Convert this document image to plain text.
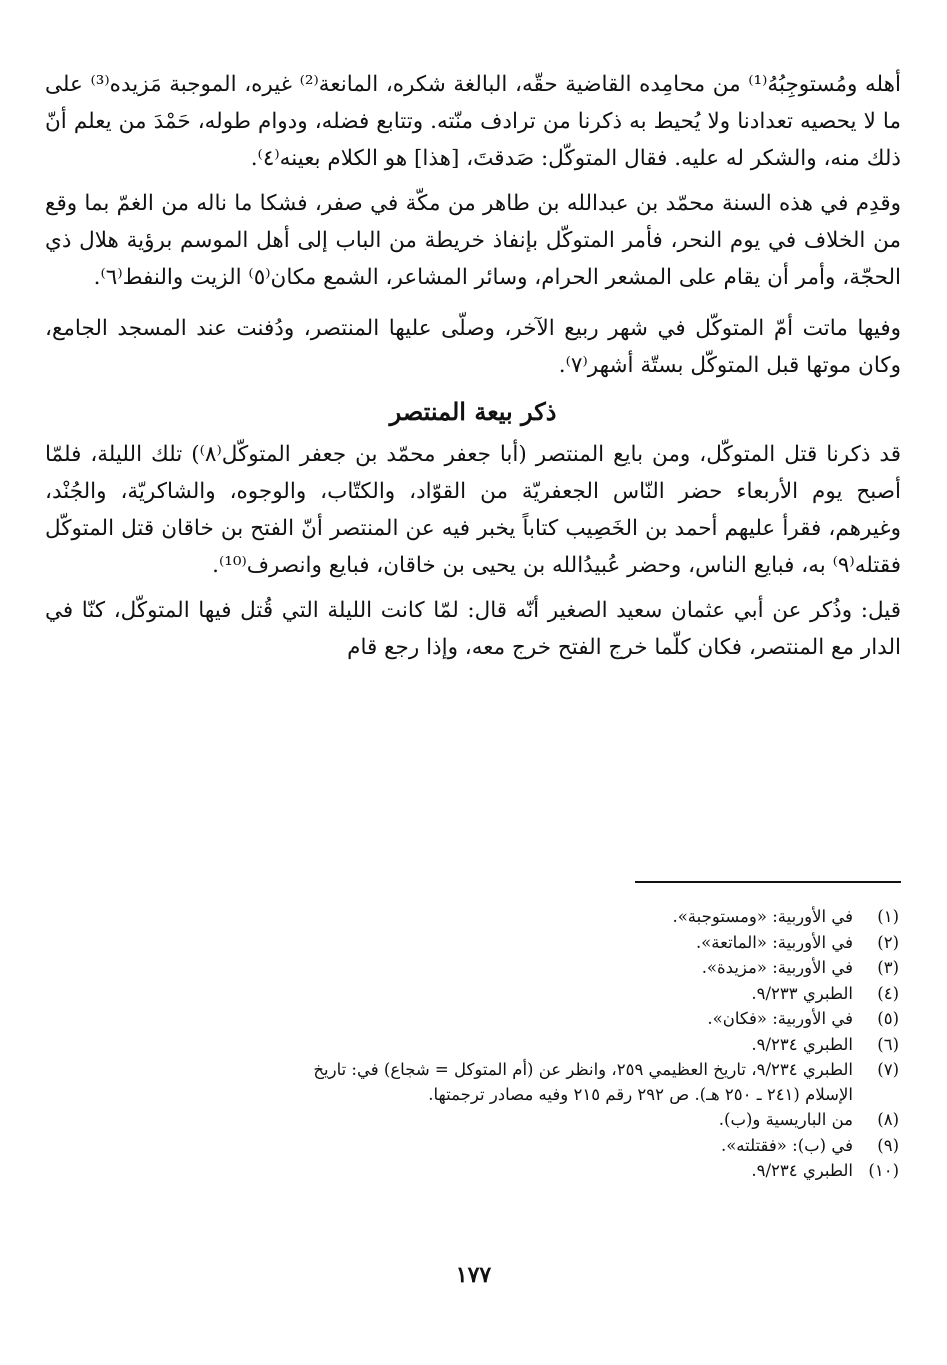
أهله ومُستوجِبُهُ⁽¹⁾ من محامِده القاضية حقّه، البالغة شكره، المانعة⁽²⁾ غيره، الموجبة مَزيده⁽³⁾ على ما لا يحصيه تعدادنا ولا يُحيط به ذكرنا من ترادف منّته. وتتابع فضله، ودوام طوله، حَمْدَ من يعلم أنّ ذلك منه، والشكر له عليه. فقال المتوكّل: صَدقتَ، [هذا] هو الكلام بعينه⁽٤⁾.

وقدِم في هذه السنة محمّد بن عبدالله بن طاهر من مكّة في صفر، فشكا ما ناله من الغمّ بما وقع من الخلاف في يوم النحر، فأمر المتوكّل بإنفاذ خريطة من الباب إلى أهل الموسم برؤية هلال ذي الحجّة، وأمر أن يقام على المشعر الحرام، وسائر المشاعر، الشمع مكان⁽٥⁾ الزيت والنفط⁽٦⁾.

وفيها ماتت أمّ المتوكّل في شهر ربيع الآخر، وصلّى عليها المنتصر، ودُفنت عند المسجد الجامع، وكان موتها قبل المتوكّل بستّة أشهر⁽٧⁾.

ذكر بيعة المنتصر

قد ذكرنا قتل المتوكّل، ومن بايع المنتصر (أبا جعفر محمّد بن جعفر المتوكّل⁽٨⁾) تلك الليلة، فلمّا أصبح يوم الأربعاء حضر النّاس الجعفريّة من القوّاد، والكتّاب، والوجوه، والشاكريّة، والجُنْد، وغيرهم، فقرأ عليهم أحمد بن الخَصِيب كتاباً يخبر فيه عن المنتصر أنّ الفتح بن خاقان قتل المتوكّل فقتله⁽٩⁾ به، فبايع الناس، وحضر عُبيدُالله بن يحيى بن خاقان، فبايع وانصرف⁽¹⁰⁾.

قيل: وذُكر عن أبي عثمان سعيد الصغير أنّه قال: لمّا كانت الليلة التي قُتل فيها المتوكّل، كنّا في الدار مع المنتصر، فكان كلّما خرج الفتح خرج معه، وإذا رجع قام

(١)
في الأوربية: «ومستوجبة».
(٢)
في الأوربية: «الماتعة».
(٣)
في الأوربية: «مزيدة».
(٤)
الطبري ٩/٢٣٣.
(٥)
في الأوربية: «فكان».
(٦)
الطبري ٩/٢٣٤.
(٧)
الطبري ٩/٢٣٤، تاريخ العظيمي ٢٥٩، وانظر عن (أم المتوكل = شجاع) في: تاريخ الإسلام (٢٤١ ـ ٢٥٠ هـ). ص ٢٩٢ رقم ٢١٥ وفيه مصادر ترجمتها.
(٨)
من الباريسية و(ب).
(٩)
في (ب): «فقتلته».
(١٠)
الطبري ٩/٢٣٤.
١٧٧
